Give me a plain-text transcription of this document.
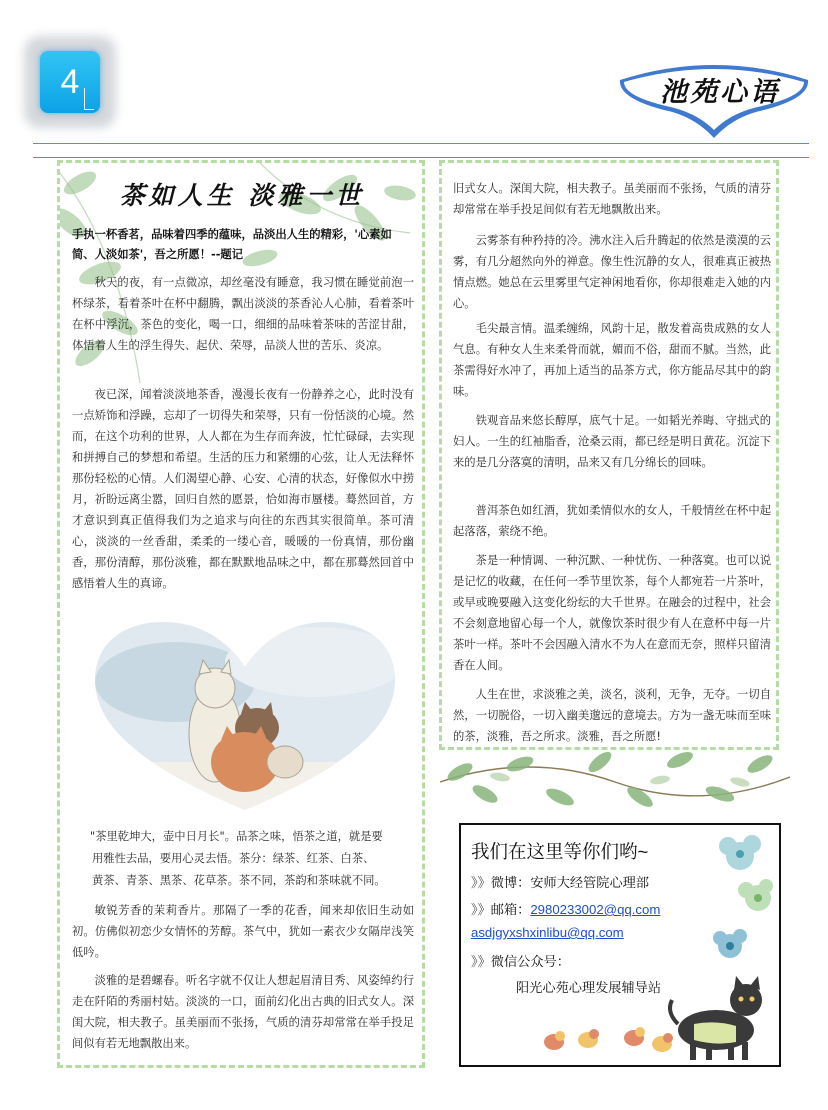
4	池苑心语
茶如人生 淡雅一世
手执一杯香茗，品味着四季的蕴味，品淡出人生的精彩，'心素如简、人淡如茶'，吾之所愿！--题记
秋天的夜，有一点微凉，却丝毫没有睡意，我习惯在睡觉前泡一杯绿茶，看着茶叶在杯中翻腾，飘出淡淡的茶香沁人心肺，看着茶叶在杯中浮沉，茶色的变化，喝一口，细细的品味着茶味的苦涩甘甜，体悟着人生的浮生得失、起伏、荣辱，品淡人世的苦乐、炎凉。
夜已深，闻着淡淡地茶香，漫漫长夜有一份静养之心，此时没有一点矫饰和浮躁，忘却了一切得失和荣辱，只有一份恬淡的心境。然而，在这个功利的世界，人人都在为生存而奔波，忙忙碌碌，去实现和拼搏自己的梦想和希望。生活的压力和紧绷的心弦，让人无法释怀那份轻松的心情。人们渴望心静、心安、心清的状态，好像似水中捞月，祈盼远离尘嚣，回归自然的愿景，恰如海市蜃楼。蓦然回首，方才意识到真正值得我们为之追求与向往的东西其实很简单。茶可清心，淡淡的一丝香甜，柔柔的一缕心音，暖暖的一份真情，那份幽香，那份清醇，那份淡雅，都在默默地品味之中，都在那蓦然回首中感悟着人生的真谛。
"茶里乾坤大，壶中日月长"。品茶之味，悟茶之道，就是要
用雅性去品，要用心灵去悟。茶分：绿茶、红茶、白茶、
黄茶、青茶、黑茶、花草茶。茶不同，茶韵和茶味就不同。
敏锐芳香的茉莉香片。那隔了一季的花香，闻来却依旧生动如初。仿佛似初恋少女情怀的芳醇。茶气中，犹如一素衣少女隔岸浅笑低吟。
淡雅的是碧螺春。听名字就不仅让人想起眉清目秀、风姿绰约行走在阡陌的秀丽村姑。淡淡的一口，面前幻化出古典的旧式女人。深闺大院，相夫教子。虽美丽而不张扬，气质的清芬却常常在举手投足间似有若无地飘散出来。
旧式女人。深闺大院，相夫教子。虽美丽而不张扬，气质的清芬却常常在举手投足间似有若无地飘散出来。
云雾茶有种矜持的冷。沸水注入后升腾起的依然是漠漠的云雾，有几分超然向外的禅意。像生性沉静的女人，很难真正被热情点燃。她总在云里雾里气定神闲地看你，你却很难走入她的内心。
毛尖最言情。温柔缠绵，风韵十足，散发着高贵成熟的女人气息。有种女人生来柔骨而就，媚而不俗，甜而不腻。当然，此茶需得好水冲了，再加上适当的品茶方式，你方能品尽其中的韵味。
铁观音品来悠长醇厚，底气十足。一如韬光养晦、守拙式的妇人。一生的红袖脂香，沧桑云雨，都已经是明日黄花。沉淀下来的是几分落寞的清明，品来又有几分绵长的回味。
普洱茶色如红酒，犹如柔情似水的女人，千般情丝在杯中起起落落，萦绕不绝。
茶是一种情调、一种沉默、一种忧伤、一种落寞。也可以说是记忆的收藏，在任何一季节里饮茶，每个人都宛若一片茶叶，或早或晚要融入这变化纷纭的大千世界。在融会的过程中，社会不会刻意地留心每一个人，就像饮茶时很少有人在意杯中每一片茶叶一样。茶叶不会因融入清水不为人在意而无奈，照样只留清香在人间。
人生在世，求淡雅之美，淡名，淡利，无争，无夺。一切自然，一切脱俗，一切入幽美邈远的意境去。方为一盏无味而至味的茶，淡雅，吾之所求。淡雅，吾之所愿!
我们在这里等你们哟~
》》微博：安师大经管院心理部
》》邮箱：2980233002@qq.com
asdjgyxshxinlibu@qq.com
》》微信公众号：
阳光心苑心理发展辅导站
